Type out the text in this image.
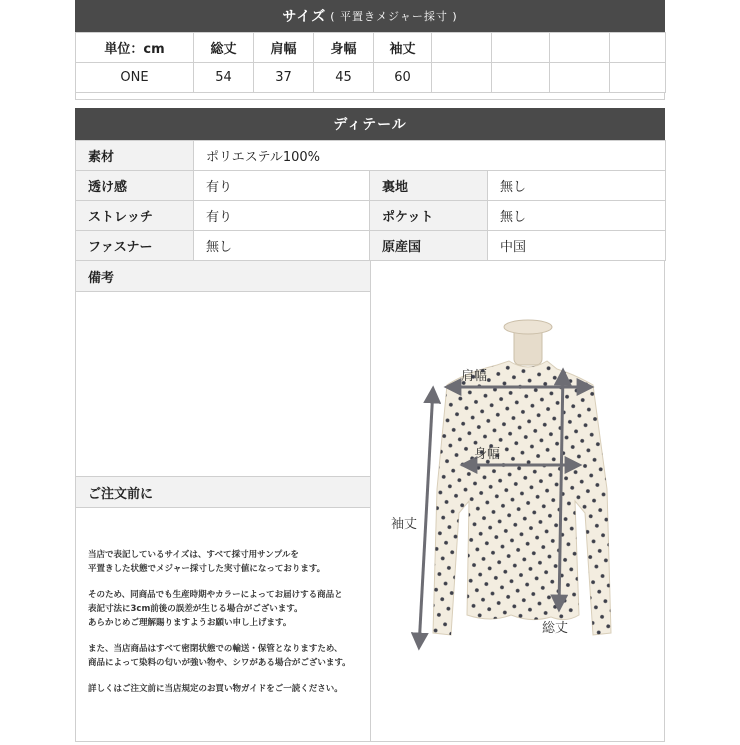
サイズ ( 平置きメジャー採寸 )
単位：cm	総丈	肩幅	身幅	袖丈				
ONE	54	37	45	60				
ディテール
素材	ポリエステル100%		
透け感	有り	裏地	無し
ストレッチ	有り	ポケット	無し
ファスナー	無し	原産国	中国
備考
ご注文前に

当店で表記しているサイズは、すべて採寸用サンプルを
平置きした状態でメジャー採寸した実寸値になっております。

そのため、同商品でも生産時期やカラーによってお届けする商品と
表記寸法に3cm前後の誤差が生じる場合がございます。
あらかじめご理解賜りますようお願い申し上げます。

また、当店商品はすべて密閉状態での輸送・保管となりますため、
商品によって染料の匂いが強い物や、シワがある場合がございます。

詳しくはご注文前に当店規定のお買い物ガイドをご一読ください。

肩幅
身幅
袖丈
総丈
